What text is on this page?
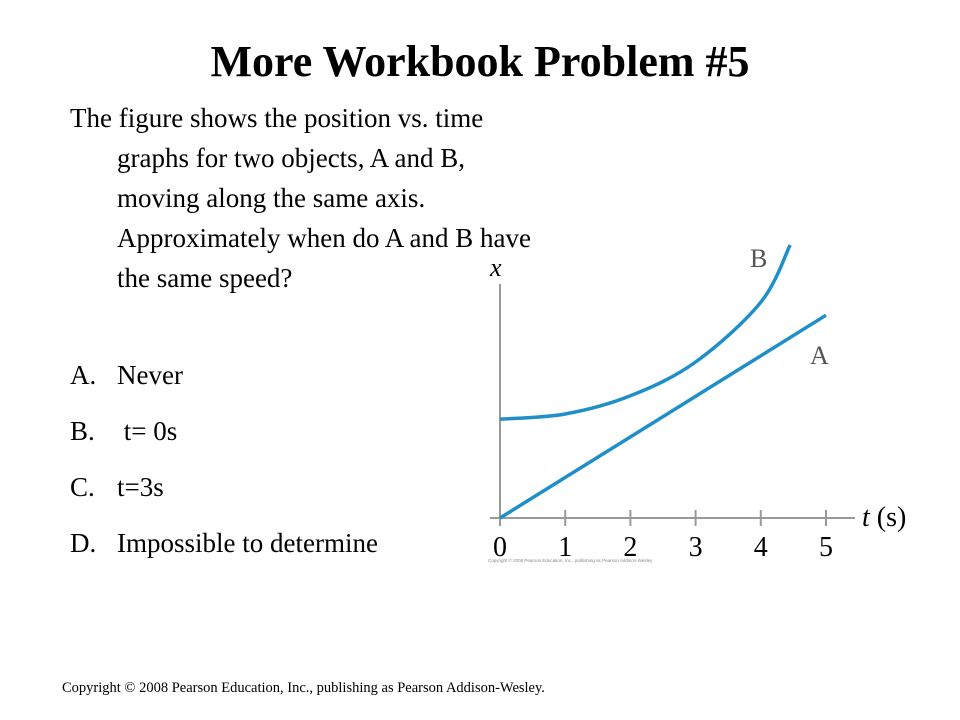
More Workbook Problem #5

The figure shows the position vs. time graphs for two objects, A and B, moving along the same axis. Approximately when do A and B have the same speed?

A. Never
B. t= 0s
C. t=3s
D. Impossible to determine
x
t (s)
0 1 2 3 4 5
B
A
Copyright © 2008 Pearson Education, Inc., publishing as Pearson Addison-Wesley
Copyright © 2008 Pearson Education, Inc., publishing as Pearson Addison-Wesley.
